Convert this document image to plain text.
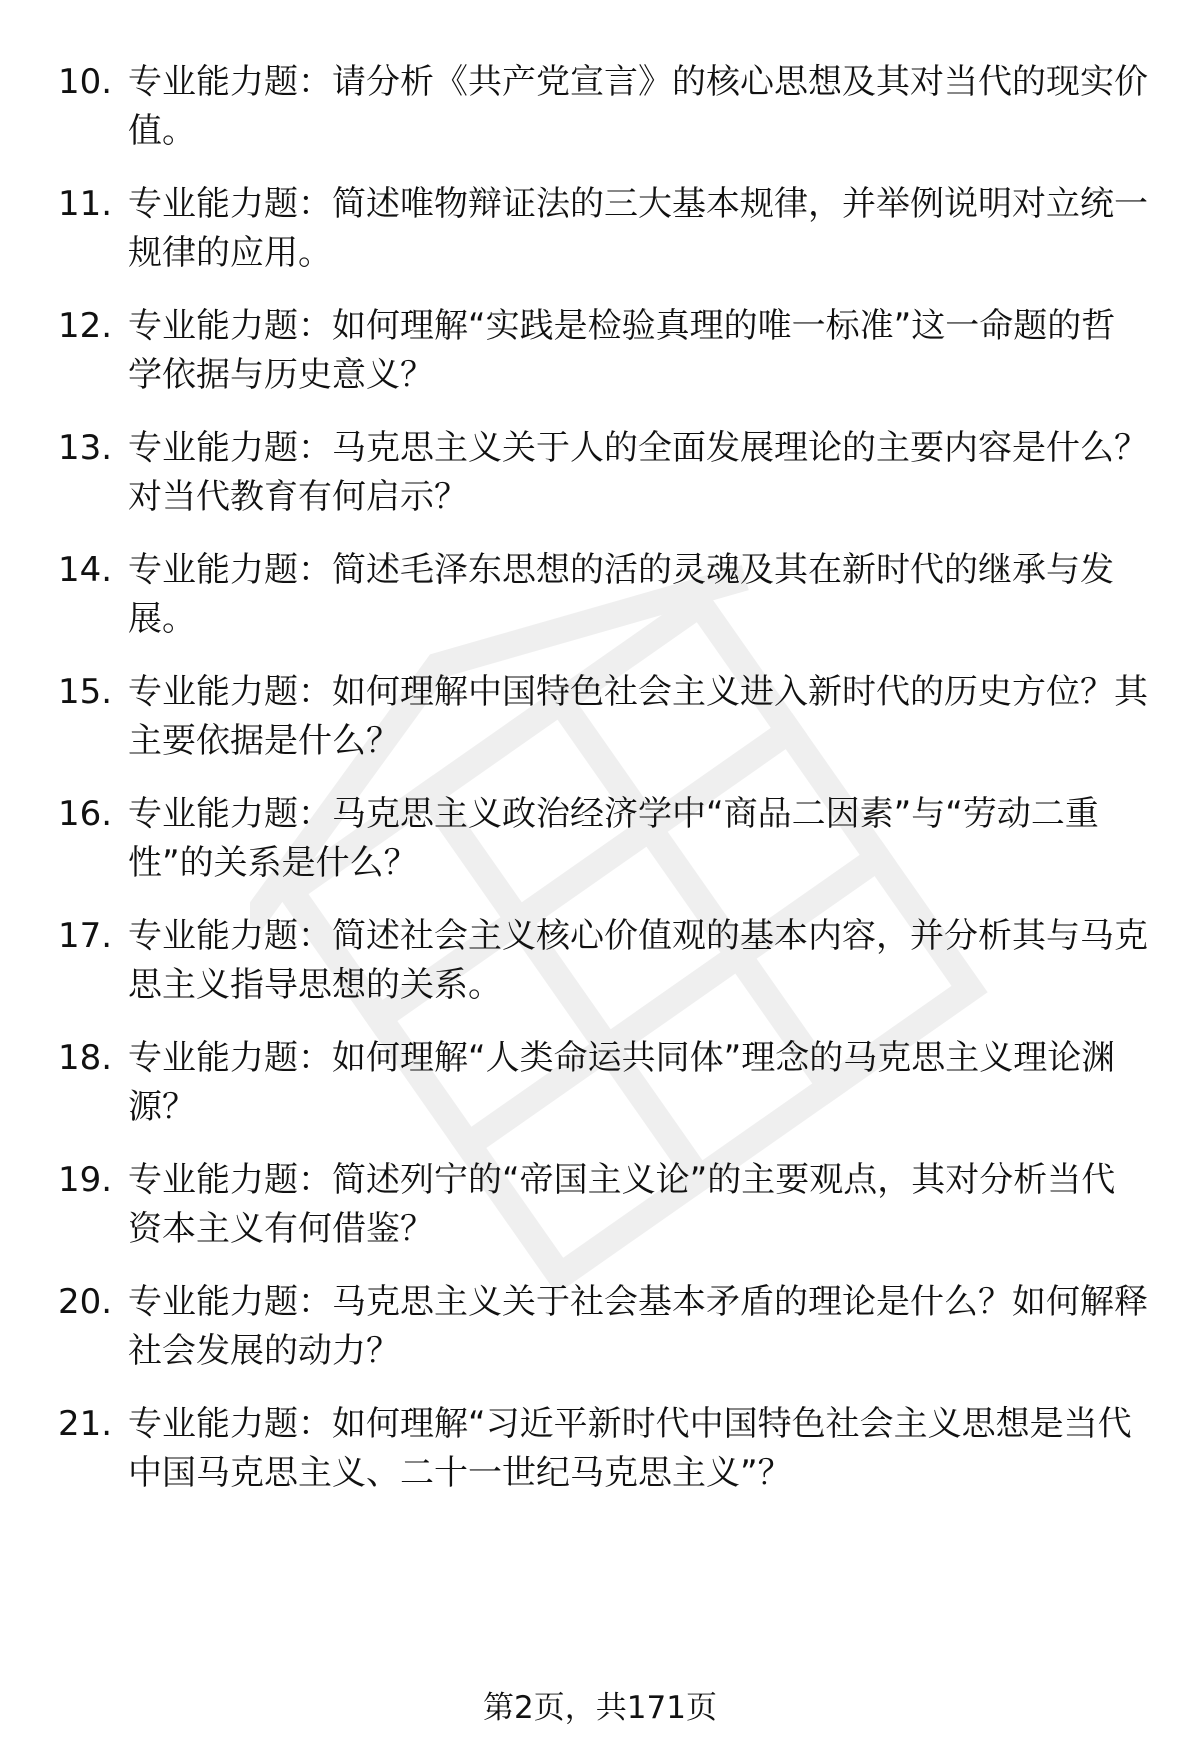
10. 专业能力题：请分析《共产党宣言》的核心思想及其对当代的现实价值。
11. 专业能力题：简述唯物辩证法的三大基本规律，并举例说明对立统一规律的应用。
12. 专业能力题：如何理解“实践是检验真理的唯一标准”这一命题的哲学依据与历史意义？
13. 专业能力题：马克思主义关于人的全面发展理论的主要内容是什么？对当代教育有何启示？
14. 专业能力题：简述毛泽东思想的活的灵魂及其在新时代的继承与发展。
15. 专业能力题：如何理解中国特色社会主义进入新时代的历史方位？其主要依据是什么？
16. 专业能力题：马克思主义政治经济学中“商品二因素”与“劳动二重性”的关系是什么？
17. 专业能力题：简述社会主义核心价值观的基本内容，并分析其与马克思主义指导思想的关系。
18. 专业能力题：如何理解“人类命运共同体”理念的马克思主义理论渊源？
19. 专业能力题：简述列宁的“帝国主义论”的主要观点，其对分析当代资本主义有何借鉴？
20. 专业能力题：马克思主义关于社会基本矛盾的理论是什么？如何解释社会发展的动力？
21. 专业能力题：如何理解“习近平新时代中国特色社会主义思想是当代中国马克思主义、二十一世纪马克思主义”？
第2页，共171页
